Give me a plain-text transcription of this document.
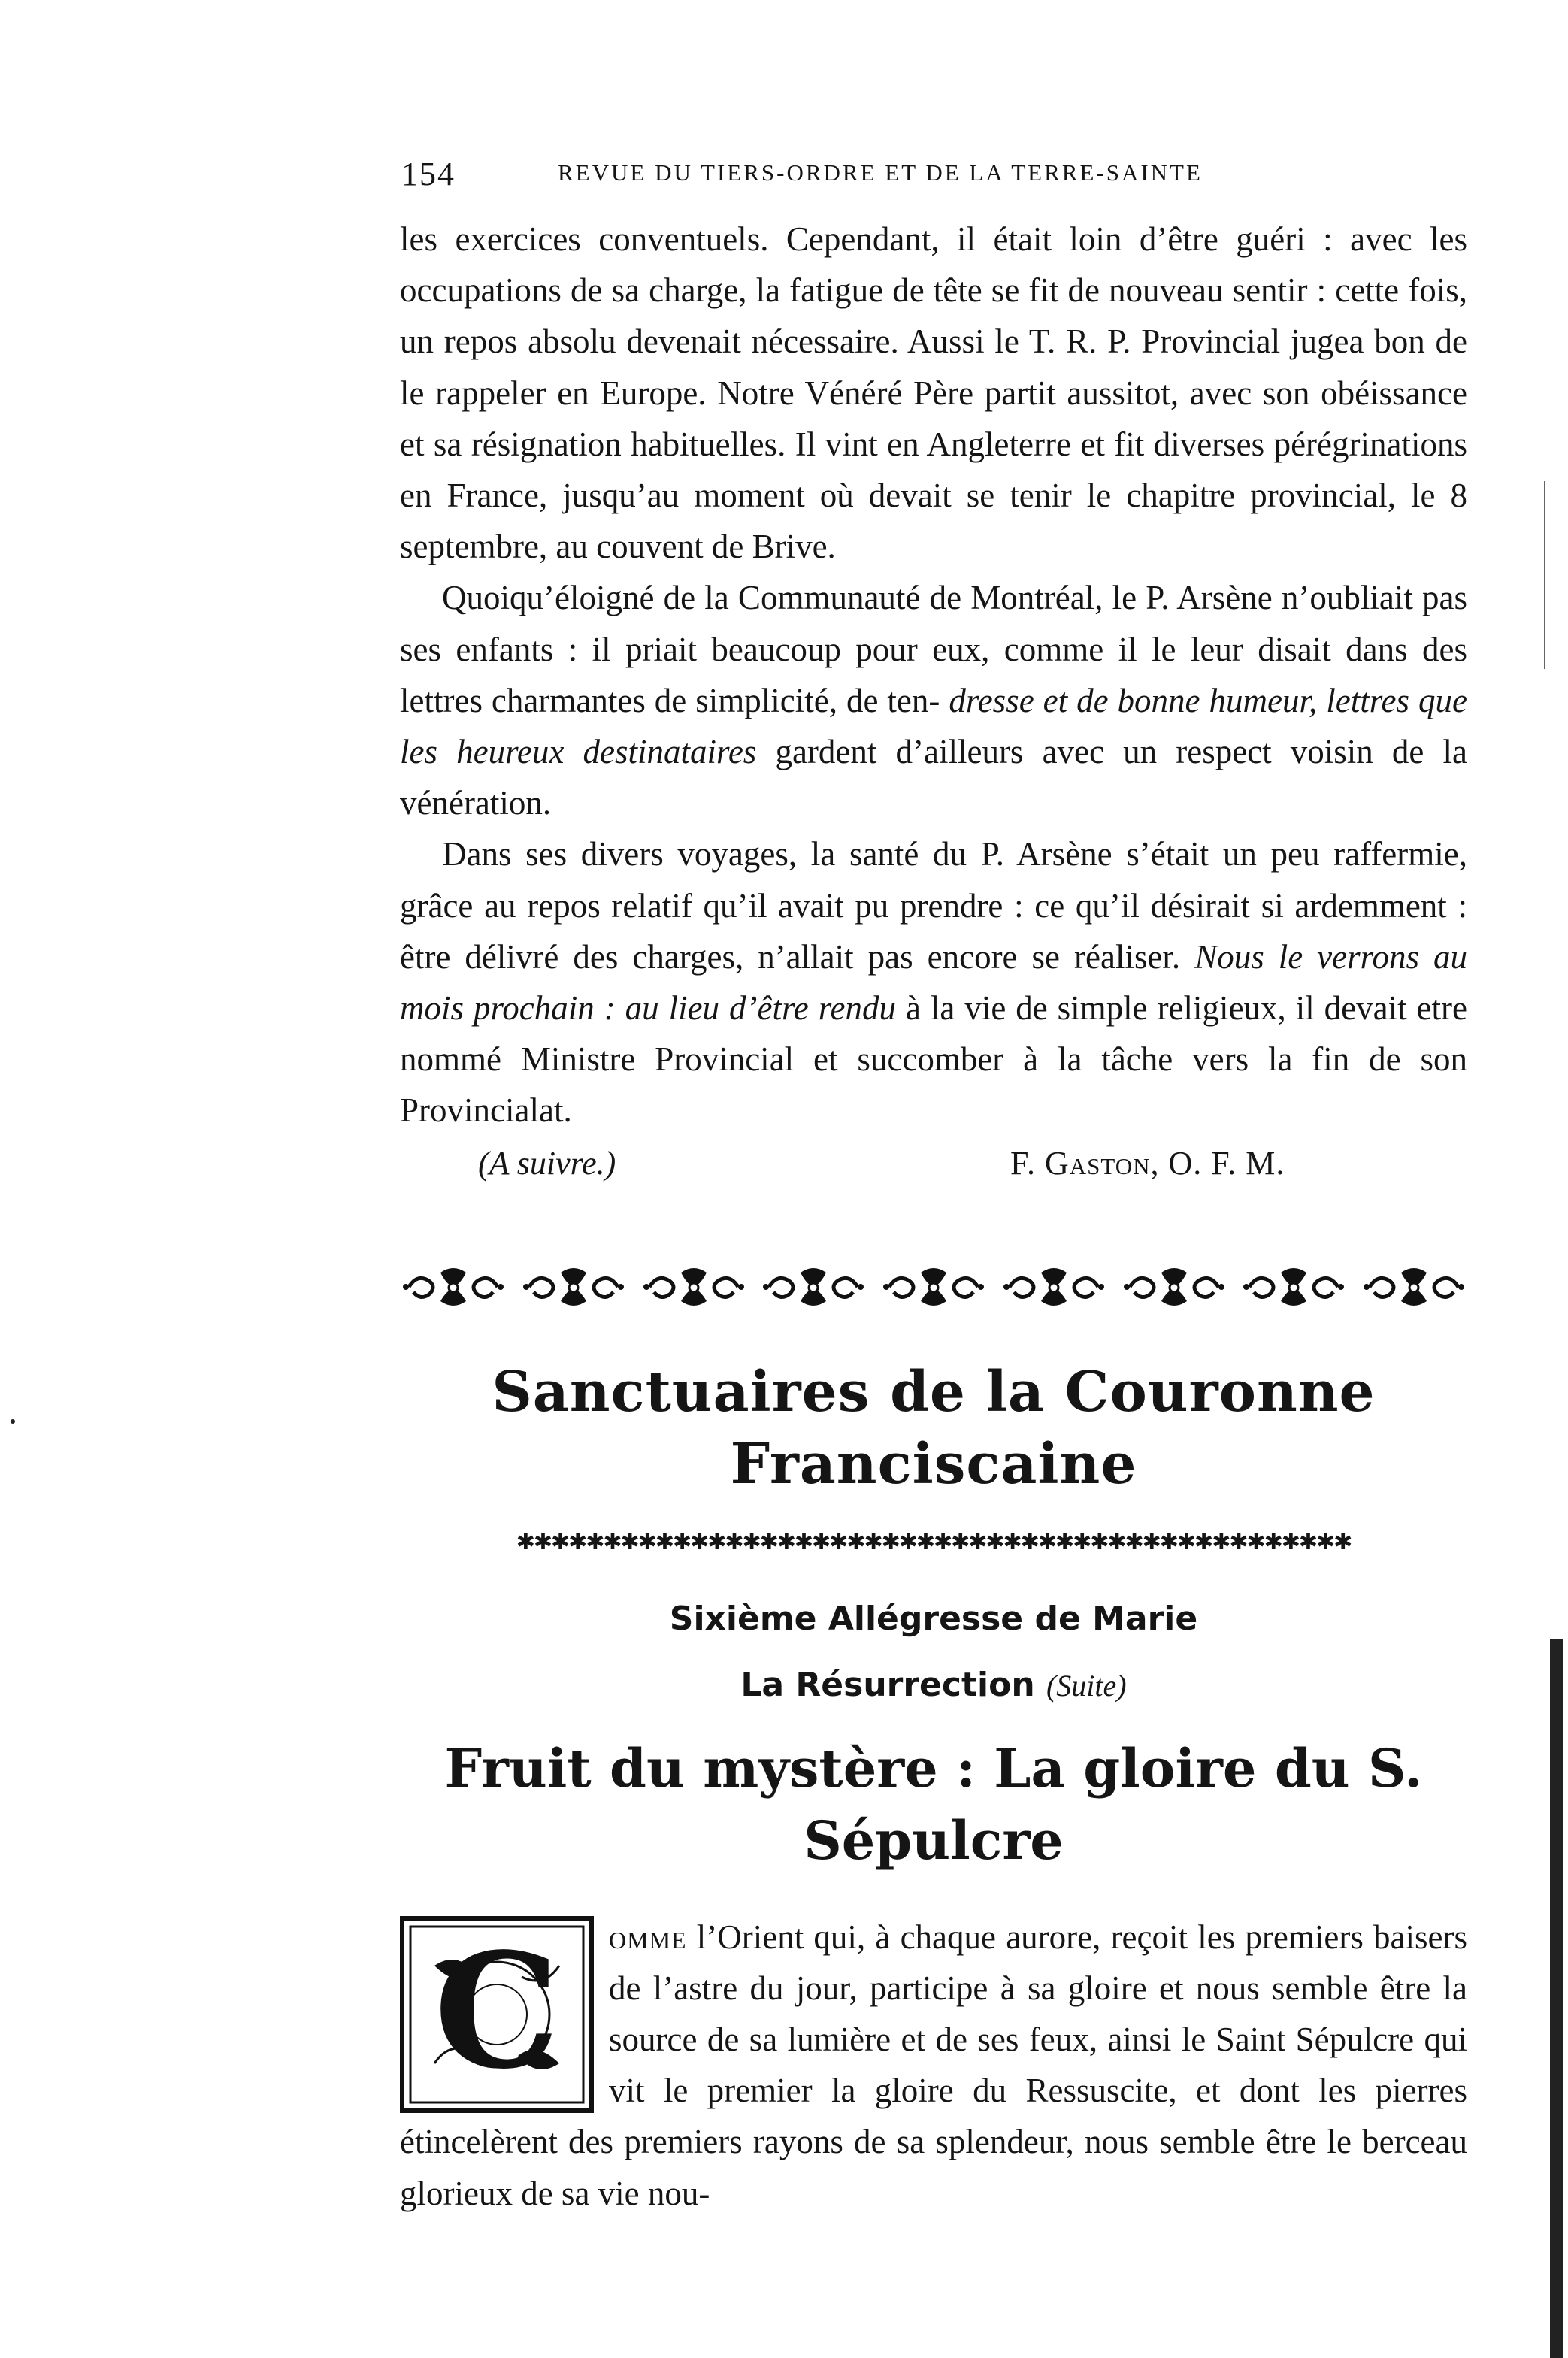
154	REVUE DU TIERS-ORDRE ET DE LA TERRE-SAINTE

les exercices conventuels. Cependant, il était loin d’être guéri : avec les occupations de sa charge, la fatigue de tête se fit de nouveau sentir : cette fois, un repos absolu devenait nécessaire. Aussi le T. R. P. Provincial jugea bon de le rappeler en Europe. Notre Vénéré Père partit aussitot, avec son obéissance et sa résignation habituelles. Il vint en Angleterre et fit diverses pérégrinations en France, jusqu’au moment où devait se tenir le chapitre provincial, le 8 septembre, au couvent de Brive.

Quoiqu’éloigné de la Communauté de Montréal, le P. Arsène n’oubliait pas ses enfants : il priait beaucoup pour eux, comme il le leur disait dans des lettres charmantes de simplicité, de ten- dresse et de bonne humeur, lettres que les heureux destinataires gardent d’ailleurs avec un respect voisin de la vénération.

Dans ses divers voyages, la santé du P. Arsène s’était un peu raffermie, grâce au repos relatif qu’il avait pu prendre : ce qu’il désirait si ardemment : être délivré des charges, n’allait pas encore se réaliser. Nous le verrons au mois prochain : au lieu d’être rendu à la vie de simple religieux, il devait etre nommé Ministre Provincial et succomber à la tâche vers la fin de son Provincialat.

(A suivre.)	F. Gaston, O. F. M.
Sanctuaires de la Couronne Franciscaine
✱✱✱✱✱✱✱✱✱✱✱✱✱✱✱✱✱✱✱✱✱✱✱✱✱✱✱✱✱✱✱✱✱✱✱✱✱✱✱✱✱✱✱✱✱✱✱✱
Sixième Allégresse de Marie
La Résurrection (Suite)
Fruit du mystère : La gloire du S. Sépulcre
C	omme l’Orient qui, à chaque aurore, reçoit les premiers baisers de l’astre du jour, participe à sa gloire et nous semble être la source de sa lumière et de ses feux, ainsi le Saint Sépulcre qui vit le premier la gloire du Ressuscite, et dont les pierres étincelèrent des premiers rayons de sa splendeur, nous semble être le berceau glorieux de sa vie nou-
